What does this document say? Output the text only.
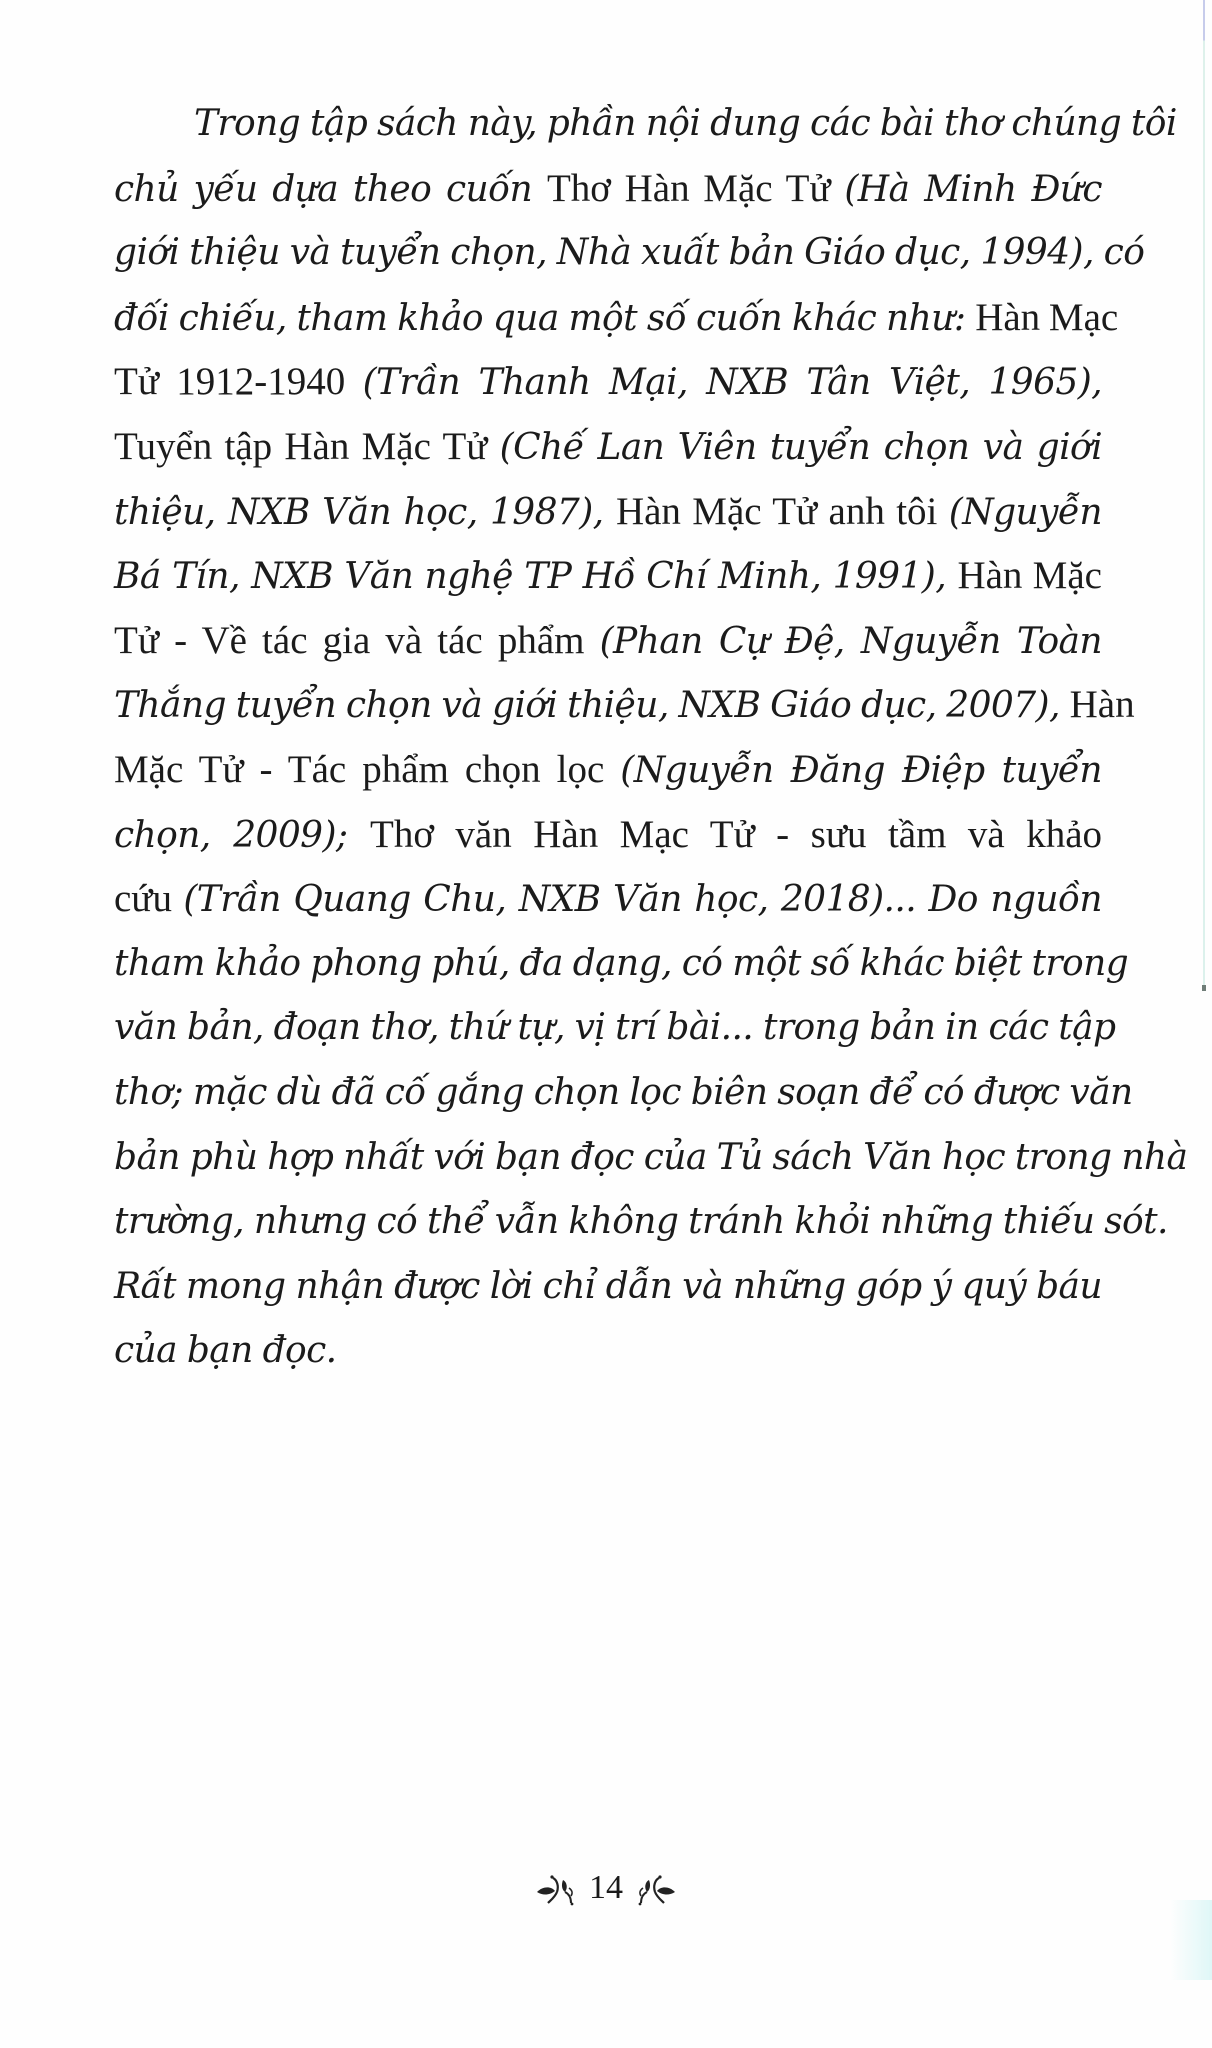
Trong tập sách này, phần nội dung các bài thơ chúng tôi
chủ yếu dựa theo cuốn Thơ Hàn Mặc Tử (Hà Minh Đức
giới thiệu và tuyển chọn, Nhà xuất bản Giáo dục, 1994), có
đối chiếu, tham khảo qua một số cuốn khác như: Hàn Mạc
Tử 1912-1940 (Trần Thanh Mại, NXB Tân Việt, 1965),
Tuyển tập Hàn Mặc Tử (Chế Lan Viên tuyển chọn và giới
thiệu, NXB Văn học, 1987), Hàn Mặc Tử anh tôi (Nguyễn
Bá Tín, NXB Văn nghệ TP Hồ Chí Minh, 1991), Hàn Mặc
Tử - Về tác gia và tác phẩm (Phan Cự Đệ, Nguyễn Toàn
Thắng tuyển chọn và giới thiệu, NXB Giáo dục, 2007), Hàn
Mặc Tử - Tác phẩm chọn lọc (Nguyễn Đăng Điệp tuyển
chọn, 2009); Thơ văn Hàn Mạc Tử - sưu tầm và khảo
cứu (Trần Quang Chu, NXB Văn học, 2018)... Do nguồn
tham khảo phong phú, đa dạng, có một số khác biệt trong
văn bản, đoạn thơ, thứ tự, vị trí bài... trong bản in các tập
thơ; mặc dù đã cố gắng chọn lọc biên soạn để có được văn
bản phù hợp nhất với bạn đọc của Tủ sách Văn học trong nhà
trường, nhưng có thể vẫn không tránh khỏi những thiếu sót.
Rất mong nhận được lời chỉ dẫn và những góp ý quý báu
của bạn đọc.
14
